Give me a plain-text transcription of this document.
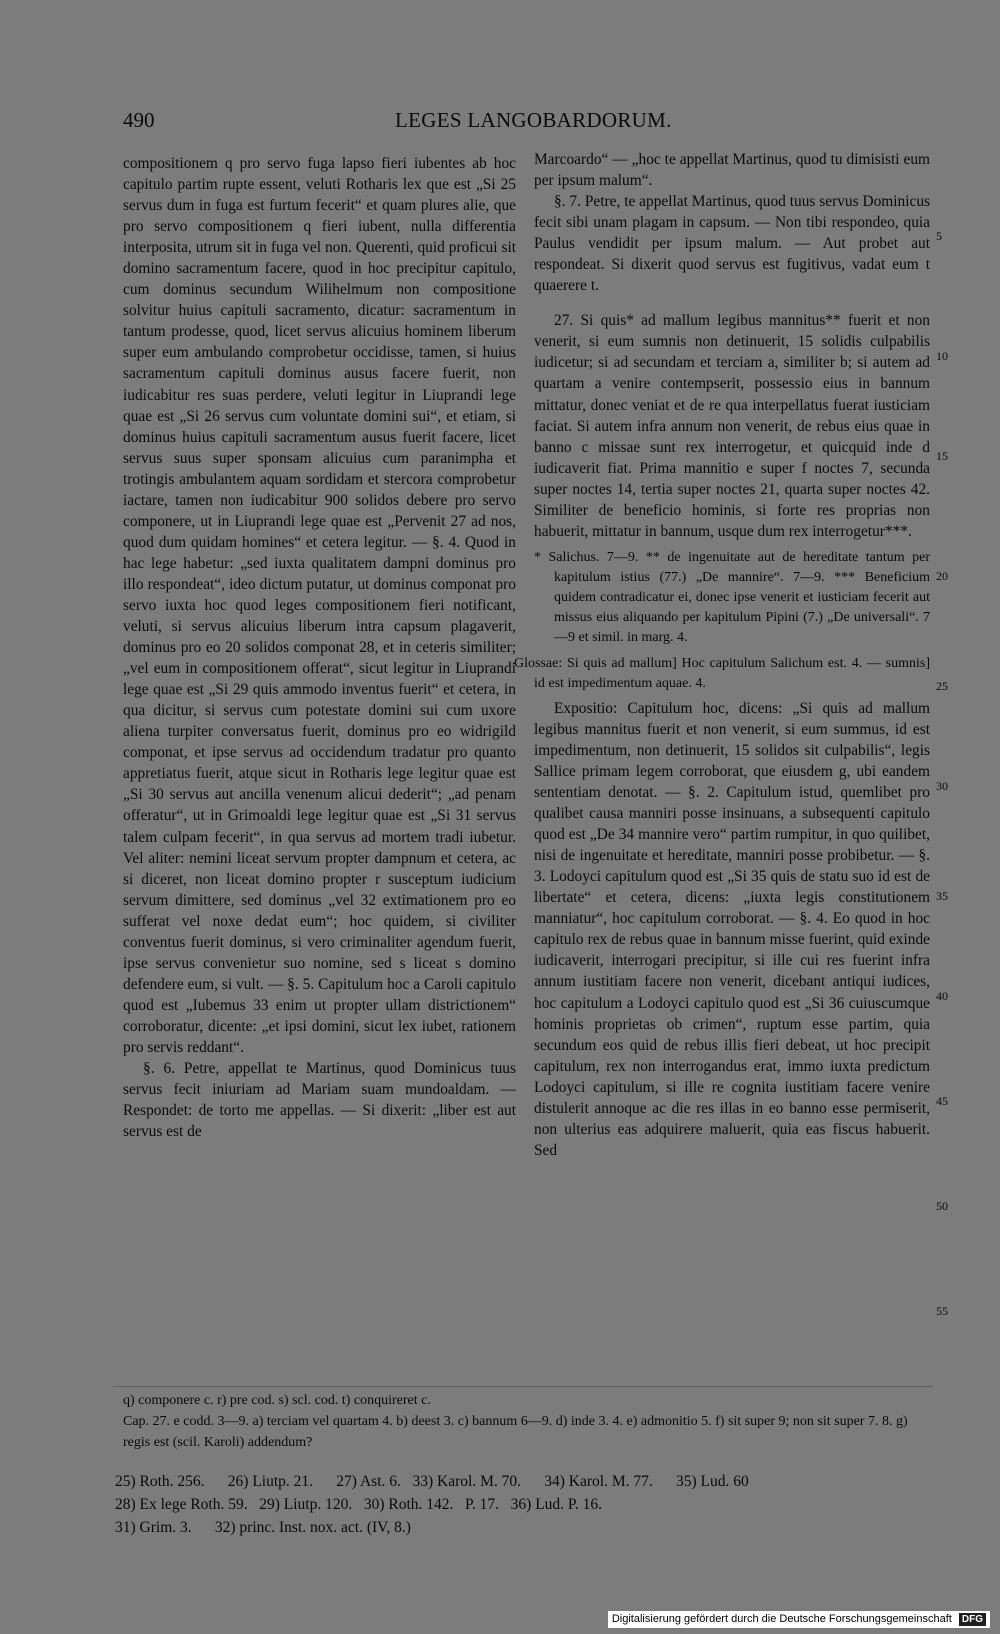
490	LEGES LANGOBARDORUM.

compositionem q pro servo fuga lapso fieri iubentes ab hoc capitulo partim rupte essent, veluti Rotharis lex que est „Si 25 servus dum in fuga est furtum fecerit“ et quam plures alie, que pro servo compositionem q fieri iubent, nulla differentia interposita, utrum sit in fuga vel non. Querenti, quid proficui sit domino sacramentum facere, quod in hoc precipitur capitulo, cum dominus secundum Wilihelmum non compositione solvitur huius capituli sacramento, dicatur: sacramentum in tantum prodesse, quod, licet servus alicuius hominem liberum super eum ambulando comprobetur occidisse, tamen, si huius sacramentum capituli dominus ausus facere fuerit, non iudicabitur res suas perdere, veluti legitur in Liuprandi lege quae est „Si 26 servus cum voluntate domini sui“, et etiam, si dominus huius capituli sacramentum ausus fuerit facere, licet servus suus super sponsam alicuius cum paranimpha et trotingis ambulantem aquam sordidam et stercora comprobetur iactare, tamen non iudicabitur 900 solidos debere pro servo componere, ut in Liuprandi lege quae est „Pervenit 27 ad nos, quod dum quidam homines“ et cetera legitur. — §. 4. Quod in hac lege habetur: „sed iuxta qualitatem dampni dominus pro illo respondeat“, ideo dictum putatur, ut dominus componat pro servo iuxta hoc quod leges compositionem fieri notificant, veluti, si servus alicuius liberum intra capsum plagaverit, dominus pro eo 20 solidos componat 28, et in ceteris similiter; „vel eum in compositionem offerat“, sicut legitur in Liuprandi lege quae est „Si 29 quis ammodo inventus fuerit“ et cetera, in qua dicitur, si servus cum potestate domini sui cum uxore aliena turpiter conversatus fuerit, dominus pro eo widrigild componat, et ipse servus ad occidendum tradatur pro quanto appretiatus fuerit, atque sicut in Rotharis lege legitur quae est „Si 30 servus aut ancilla venenum alicui dederit“; „ad penam offeratur“, ut in Grimoaldi lege legitur quae est „Si 31 servus talem culpam fecerit“, in qua servus ad mortem tradi iubetur. Vel aliter: nemini liceat servum propter dampnum et cetera, ac si diceret, non liceat domino propter r susceptum iudicium servum dimittere, sed dominus „vel 32 extimationem pro eo sufferat vel noxe dedat eum“; hoc quidem, si civiliter conventus fuerit dominus, si vero criminaliter agendum fuerit, ipse servus convenietur suo nomine, sed s liceat s domino defendere eum, si vult. — §. 5. Capitulum hoc a Caroli capitulo quod est „Iubemus 33 enim ut propter ullam districtionem“ corroboratur, dicente: „et ipsi domini, sicut lex iubet, rationem pro servis reddant“.

§. 6. Petre, appellat te Martinus, quod Dominicus tuus servus fecit iniuriam ad Mariam suam mundoaldam. — Respondet: de torto me appellas. — Si dixerit: „liber est aut servus est de

Marcoardo“ — „hoc te appellat Martinus, quod tu dimisisti eum per ipsum malum“.

§. 7. Petre, te appellat Martinus, quod tuus servus Dominicus fecit sibi unam plagam in capsum. — Non tibi respondeo, quia Paulus vendidit per ipsum malum. — Aut probet aut respondeat. Si dixerit quod servus est fugitivus, vadat eum t quaerere t.

27. Si quis* ad mallum legibus mannitus** fuerit et non venerit, si eum sumnis non detinuerit, 15 solidis culpabilis iudicetur; si ad secundam et terciam a, similiter b; si autem ad quartam a venire contempserit, possessio eius in bannum mittatur, donec veniat et de re qua interpellatus fuerat iusticiam faciat. Si autem infra annum non venerit, de rebus eius quae in banno c missae sunt rex interrogetur, et quicquid inde d iudicaverit fiat. Prima mannitio e super f noctes 7, secunda super noctes 14, tertia super noctes 21, quarta super noctes 42. Similiter de beneficio hominis, si forte res proprias non habuerit, mittatur in bannum, usque dum rex interrogetur***.

* Salichus. 7—9. ** de ingenuitate aut de hereditate tantum per kapitulum istius (77.) „De mannire“. 7—9. *** Beneficium quidem contradicatur ei, donec ipse venerit et iusticiam fecerit aut missus eius aliquando per kapitulum Pipini (7.) „De universali“. 7—9 et simil. in marg. 4.

Glossae: Si quis ad mallum] Hoc capitulum Salichum est. 4. — sumnis] id est impedimentum aquae. 4.

Expositio: Capitulum hoc, dicens: „Si quis ad mallum legibus mannitus fuerit et non venerit, si eum summus, id est impedimentum, non detinuerit, 15 solidos sit culpabilis“, legis Sallice primam legem corroborat, que eiusdem g, ubi eandem sententiam denotat. — §. 2. Capitulum istud, quemlibet pro qualibet causa manniri posse insinuans, a subsequenti capitulo quod est „De 34 mannire vero“ partim rumpitur, in quo quilibet, nisi de ingenuitate et hereditate, manniri posse probibetur. — §. 3. Lodoyci capitulum quod est „Si 35 quis de statu suo id est de libertate“ et cetera, dicens: „iuxta legis constitutionem manniatur“, hoc capitulum corroborat. — §. 4. Eo quod in hoc capitulo rex de rebus quae in bannum misse fuerint, quid exinde iudicaverit, interrogari precipitur, si ille cui res fuerint infra annum iustitiam facere non venerit, dicebant antiqui iudices, hoc capitulum a Lodoyci capitulo quod est „Si 36 cuiuscumque hominis proprietas ob crimen“, ruptum esse partim, quia secundum eos quid de rebus illis fieri debeat, ut hoc precipit capitulum, rex non interrogandus erat, immo iuxta predictum Lodoyci capitulum, si ille re cognita iustitiam facere venire distulerit annoque ac die res illas in eo banno esse permiserit, non ulterius eas adquirere maluerit, quia eas fiscus habuerit. Sed

5
10
15
20
25
30
35
40
45
50
55

q) componere c. r) pre cod. s) scl. cod. t) conquireret c.

Cap. 27. e codd. 3—9. a) terciam vel quartam 4. b) deest 3. c) bannum 6—9. d) inde 3. 4. e) admonitio 5. f) sit super 9; non sit super 7. 8. g) regis est (scil. Karoli) addendum?

25) Roth. 256.      26) Liutp. 21.      27) Ast. 6.   33) Karol. M. 70.      34) Karol. M. 77.      35) Lud. 60

28) Ex lege Roth. 59.   29) Liutp. 120.   30) Roth. 142.   P. 17.   36) Lud. P. 16.

31) Grim. 3.      32) princ. Inst. nox. act. (IV, 8.)

Digitalisierung gefördert durch die Deutsche Forschungsgemeinschaft DFG
